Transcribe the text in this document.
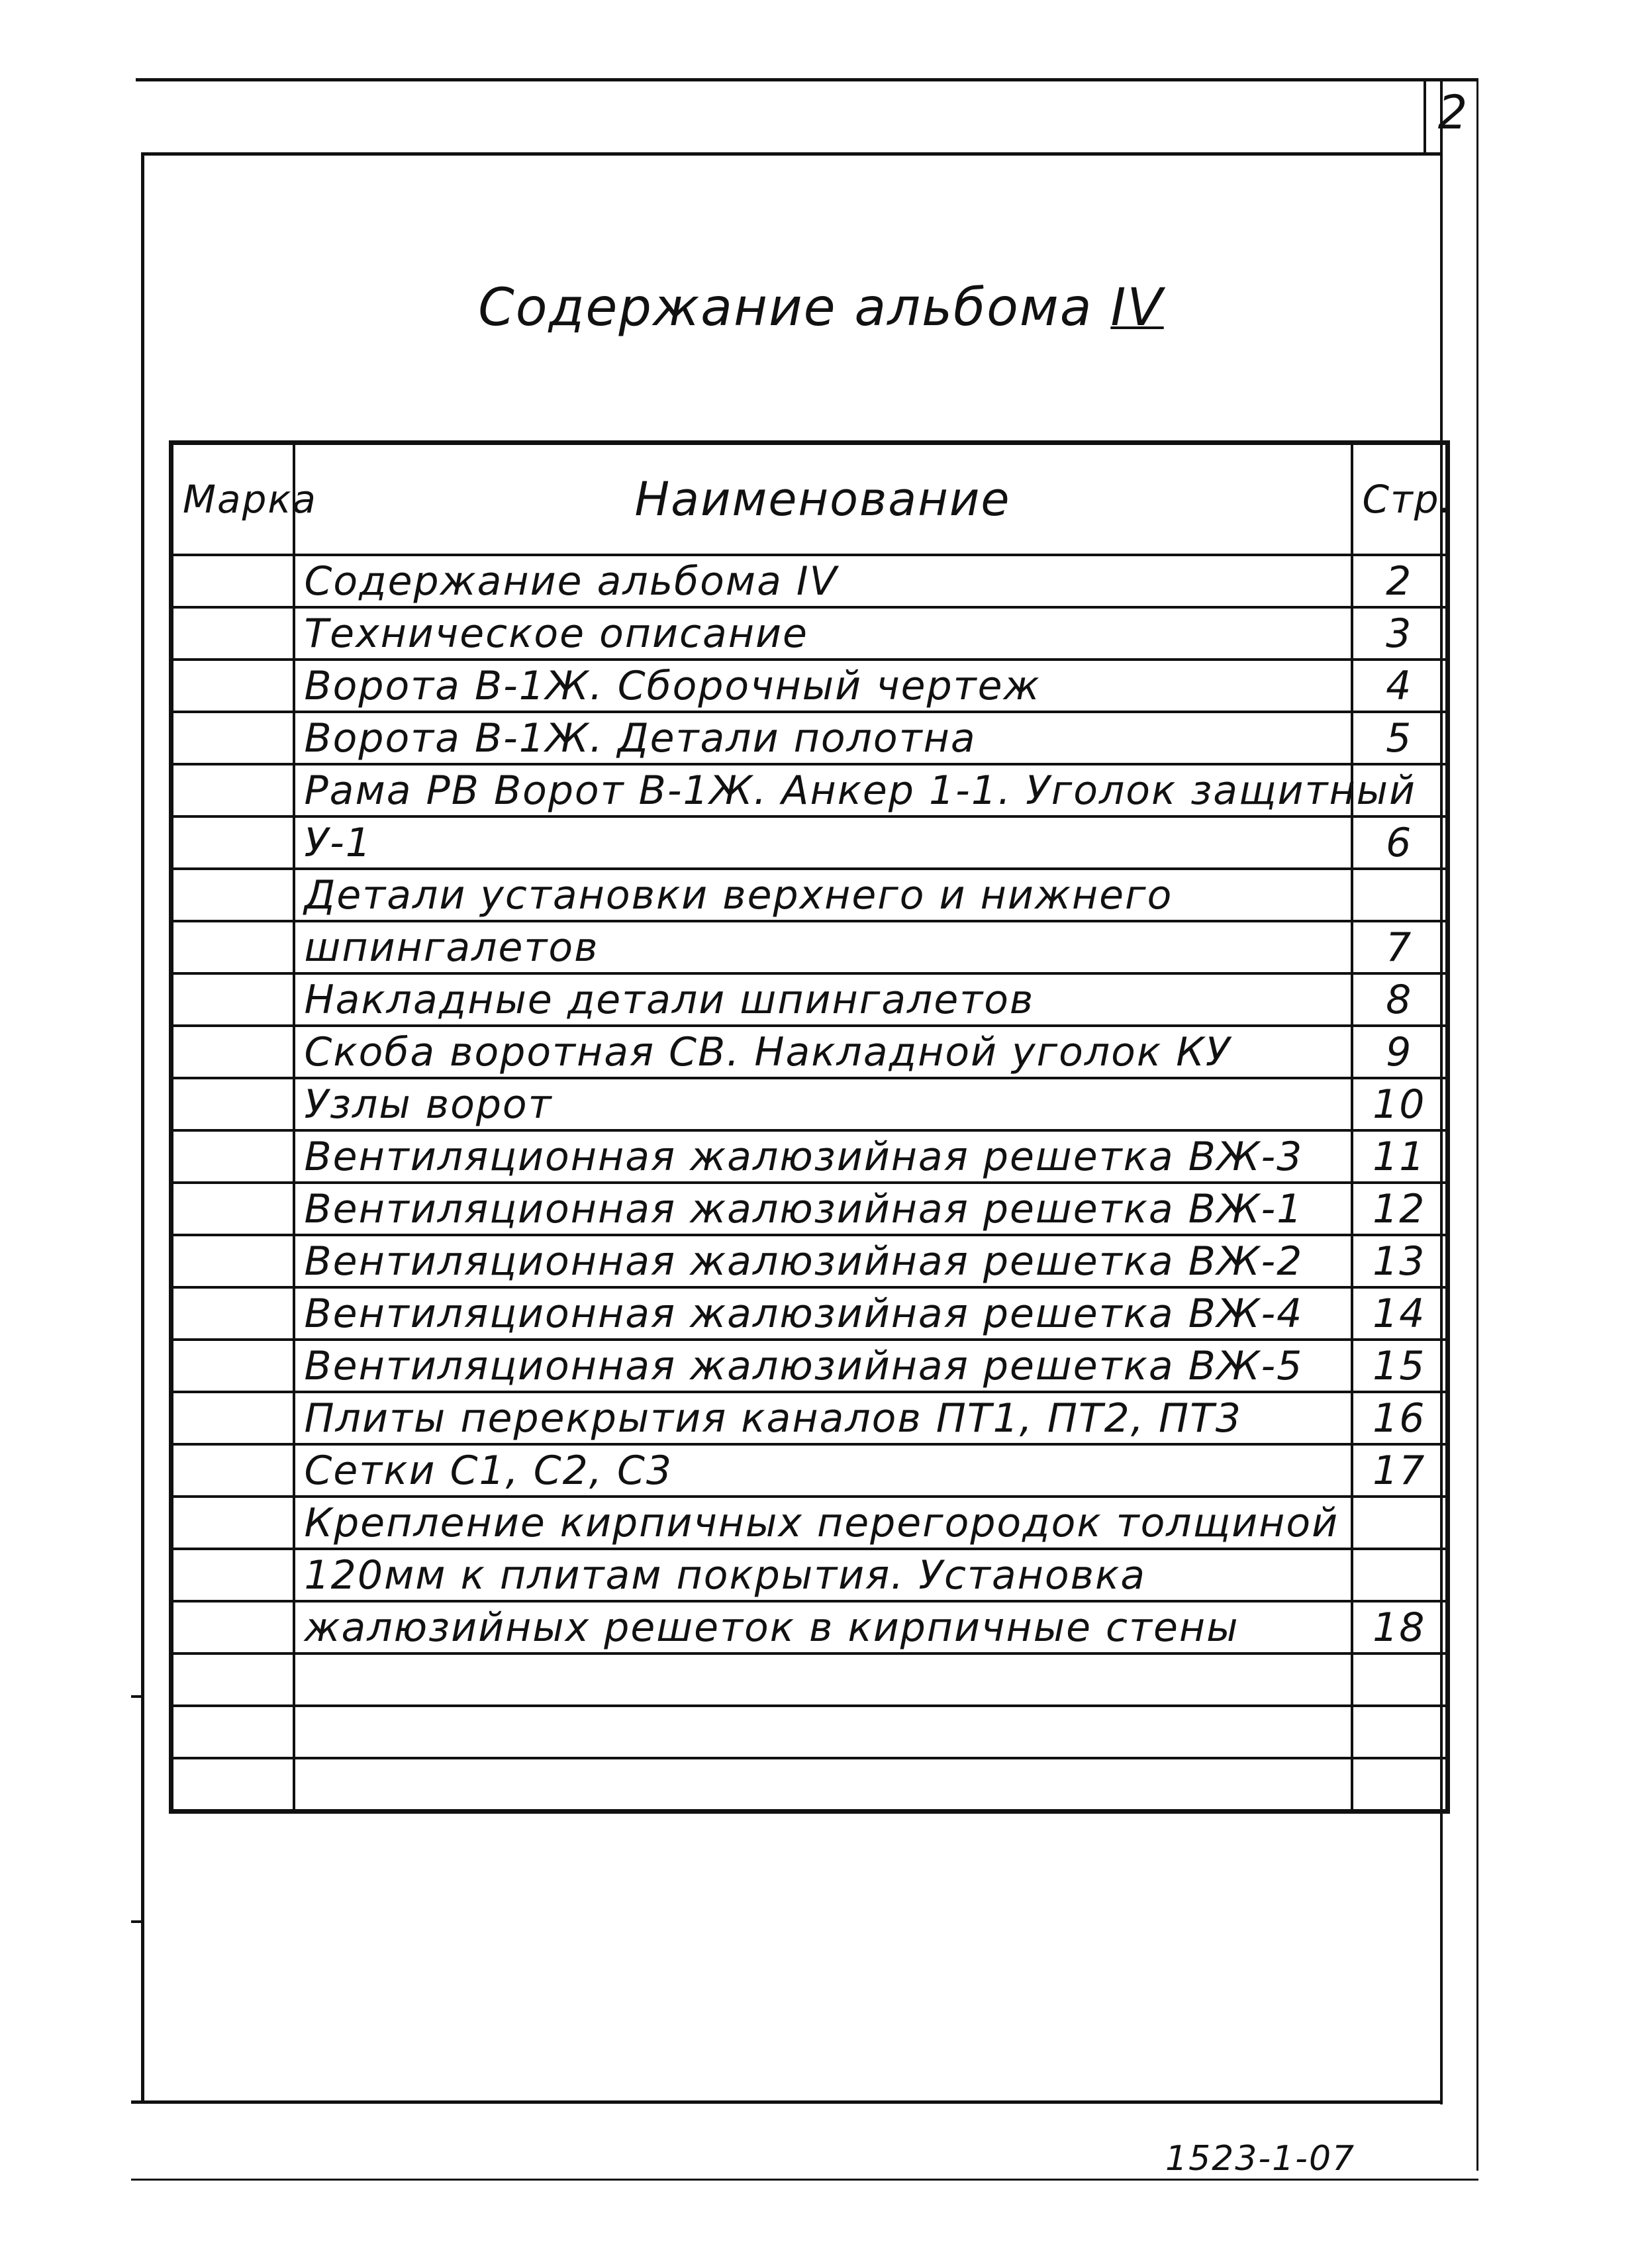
2
Содержание альбома IV
Марка	Наименование	Стр.
	Содержание альбома IV	2
	Техническое описание	3
	Ворота В-1Ж. Сборочный чертеж	4
	Ворота В-1Ж. Детали полотна	5
	Рама РВ Ворот В-1Ж. Анкер 1-1. Уголок защитный	
	У-1	6
	Детали установки верхнего и нижнего	
	шпингалетов	7
	Накладные детали шпингалетов	8
	Скоба воротная СВ. Накладной уголок КУ	9
	Узлы ворот	10
	Вентиляционная жалюзийная решетка ВЖ-3	11
	Вентиляционная жалюзийная решетка ВЖ-1	12
	Вентиляционная жалюзийная решетка ВЖ-2	13
	Вентиляционная жалюзийная решетка ВЖ-4	14
	Вентиляционная жалюзийная решетка ВЖ-5	15
	Плиты перекрытия каналов ПТ1, ПТ2, ПТ3	16
	Сетки С1, С2, С3	17
	Крепление кирпичных перегородок толщиной	
	120мм к плитам покрытия. Установка	
	жалюзийных решеток в кирпичные стены	18

1523-1-07
